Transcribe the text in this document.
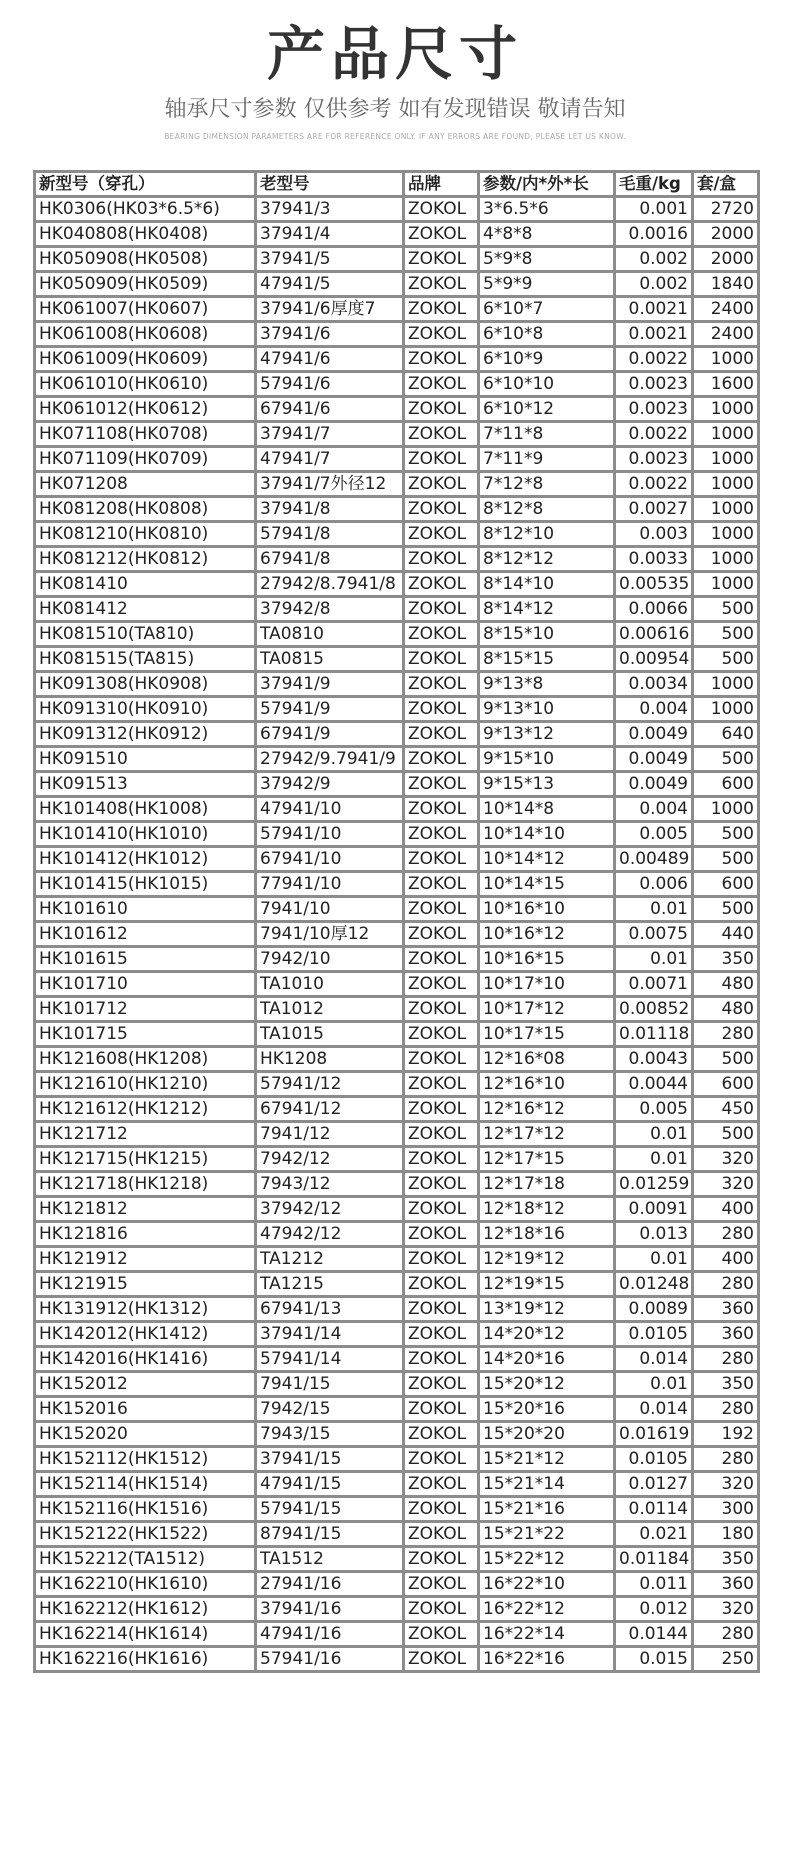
产品尺寸
轴承尺寸参数 仅供参考 如有发现错误 敬请告知
BEARING DIMENSION PARAMETERS ARE FOR REFERENCE ONLY. IF ANY ERRORS ARE FOUND, PLEASE LET US KNOW.
新型号（穿孔）	老型号	品牌	参数/内*外*长	毛重/kg	套/盒
HK0306(HK03*6.5*6)	37941/3	ZOKOL	3*6.5*6	0.001	2720
HK040808(HK0408)	37941/4	ZOKOL	4*8*8	0.0016	2000
HK050908(HK0508)	37941/5	ZOKOL	5*9*8	0.002	2000
HK050909(HK0509)	47941/5	ZOKOL	5*9*9	0.002	1840
HK061007(HK0607)	37941/6厚度7	ZOKOL	6*10*7	0.0021	2400
HK061008(HK0608)	37941/6	ZOKOL	6*10*8	0.0021	2400
HK061009(HK0609)	47941/6	ZOKOL	6*10*9	0.0022	1000
HK061010(HK0610)	57941/6	ZOKOL	6*10*10	0.0023	1600
HK061012(HK0612)	67941/6	ZOKOL	6*10*12	0.0023	1000
HK071108(HK0708)	37941/7	ZOKOL	7*11*8	0.0022	1000
HK071109(HK0709)	47941/7	ZOKOL	7*11*9	0.0023	1000
HK071208	37941/7外径12	ZOKOL	7*12*8	0.0022	1000
HK081208(HK0808)	37941/8	ZOKOL	8*12*8	0.0027	1000
HK081210(HK0810)	57941/8	ZOKOL	8*12*10	0.003	1000
HK081212(HK0812)	67941/8	ZOKOL	8*12*12	0.0033	1000
HK081410	27942/8.7941/8	ZOKOL	8*14*10	0.00535	1000
HK081412	37942/8	ZOKOL	8*14*12	0.0066	500
HK081510(TA810)	TA0810	ZOKOL	8*15*10	0.00616	500
HK081515(TA815)	TA0815	ZOKOL	8*15*15	0.00954	500
HK091308(HK0908)	37941/9	ZOKOL	9*13*8	0.0034	1000
HK091310(HK0910)	57941/9	ZOKOL	9*13*10	0.004	1000
HK091312(HK0912)	67941/9	ZOKOL	9*13*12	0.0049	640
HK091510	27942/9.7941/9	ZOKOL	9*15*10	0.0049	500
HK091513	37942/9	ZOKOL	9*15*13	0.0049	600
HK101408(HK1008)	47941/10	ZOKOL	10*14*8	0.004	1000
HK101410(HK1010)	57941/10	ZOKOL	10*14*10	0.005	500
HK101412(HK1012)	67941/10	ZOKOL	10*14*12	0.00489	500
HK101415(HK1015)	77941/10	ZOKOL	10*14*15	0.006	600
HK101610	7941/10	ZOKOL	10*16*10	0.01	500
HK101612	7941/10厚12	ZOKOL	10*16*12	0.0075	440
HK101615	7942/10	ZOKOL	10*16*15	0.01	350
HK101710	TA1010	ZOKOL	10*17*10	0.0071	480
HK101712	TA1012	ZOKOL	10*17*12	0.00852	480
HK101715	TA1015	ZOKOL	10*17*15	0.01118	280
HK121608(HK1208)	HK1208	ZOKOL	12*16*08	0.0043	500
HK121610(HK1210)	57941/12	ZOKOL	12*16*10	0.0044	600
HK121612(HK1212)	67941/12	ZOKOL	12*16*12	0.005	450
HK121712	7941/12	ZOKOL	12*17*12	0.01	500
HK121715(HK1215)	7942/12	ZOKOL	12*17*15	0.01	320
HK121718(HK1218)	7943/12	ZOKOL	12*17*18	0.01259	320
HK121812	37942/12	ZOKOL	12*18*12	0.0091	400
HK121816	47942/12	ZOKOL	12*18*16	0.013	280
HK121912	TA1212	ZOKOL	12*19*12	0.01	400
HK121915	TA1215	ZOKOL	12*19*15	0.01248	280
HK131912(HK1312)	67941/13	ZOKOL	13*19*12	0.0089	360
HK142012(HK1412)	37941/14	ZOKOL	14*20*12	0.0105	360
HK142016(HK1416)	57941/14	ZOKOL	14*20*16	0.014	280
HK152012	7941/15	ZOKOL	15*20*12	0.01	350
HK152016	7942/15	ZOKOL	15*20*16	0.014	280
HK152020	7943/15	ZOKOL	15*20*20	0.01619	192
HK152112(HK1512)	37941/15	ZOKOL	15*21*12	0.0105	280
HK152114(HK1514)	47941/15	ZOKOL	15*21*14	0.0127	320
HK152116(HK1516)	57941/15	ZOKOL	15*21*16	0.0114	300
HK152122(HK1522)	87941/15	ZOKOL	15*21*22	0.021	180
HK152212(TA1512)	TA1512	ZOKOL	15*22*12	0.01184	350
HK162210(HK1610)	27941/16	ZOKOL	16*22*10	0.011	360
HK162212(HK1612)	37941/16	ZOKOL	16*22*12	0.012	320
HK162214(HK1614)	47941/16	ZOKOL	16*22*14	0.0144	280
HK162216(HK1616)	57941/16	ZOKOL	16*22*16	0.015	250
